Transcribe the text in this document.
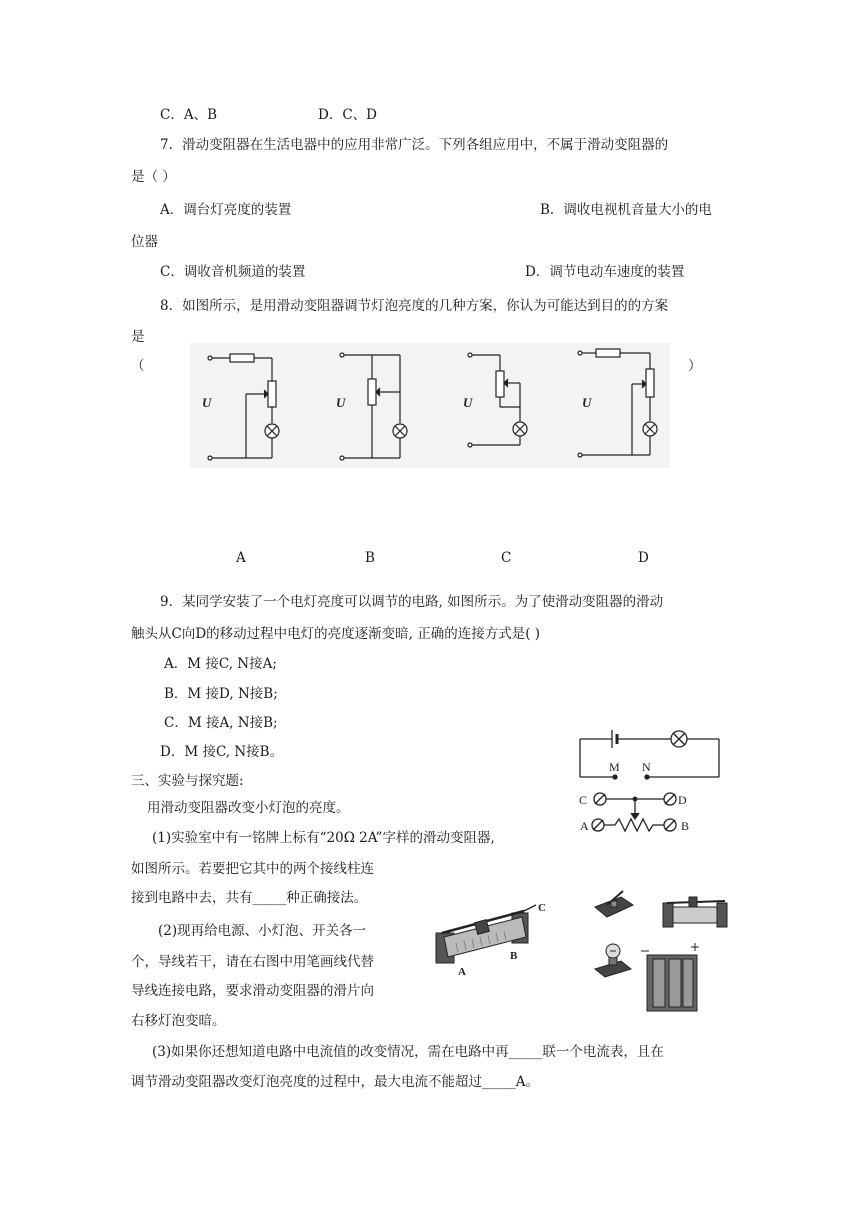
C．A、B	D．C、D
7．滑动变阻器在生活电器中的应用非常广泛。下列各组应用中，不属于滑动变阻器的
是（ ）
A．调台灯亮度的装置	B．调收电视机音量大小的电
位器
C．调收音机频道的装置	D．调节电动车速度的装置
8．如图所示，是用滑动变阻器调节灯泡亮度的几种方案，你认为可能达到目的的方案
是
（	）
U	U	U	U
A	B	C	D
9．某同学安装了一个电灯亮度可以调节的电路, 如图所示。为了使滑动变阻器的滑动
触头从C向D的移动过程中电灯的亮度逐渐变暗, 正确的连接方式是( )
A．M 接C, N接A;
B．M 接D, N接B;
C．M 接A, N接B;
D．M 接C, N接B。
M N
C	D
A	B
三、实验与探究题:
用滑动变阻器改变小灯泡的亮度。
(1)实验室中有一铭牌上标有“20Ω 2A”字样的滑动变阻器,
如图所示。若要把它其中的两个接线柱连
接到电路中去，共有_____种正确接法。
(2)现再给电源、小灯泡、开关各一
个，导线若干，请在右图中用笔画线代替
导线连接电路，要求滑动变阻器的滑片向
右移灯泡变暗。
(3)如果你还想知道电路中电流值的改变情况，需在电路中再_____联一个电流表，且在
调节滑动变阻器改变灯泡亮度的过程中，最大电流不能超过_____A。
A
B
C
